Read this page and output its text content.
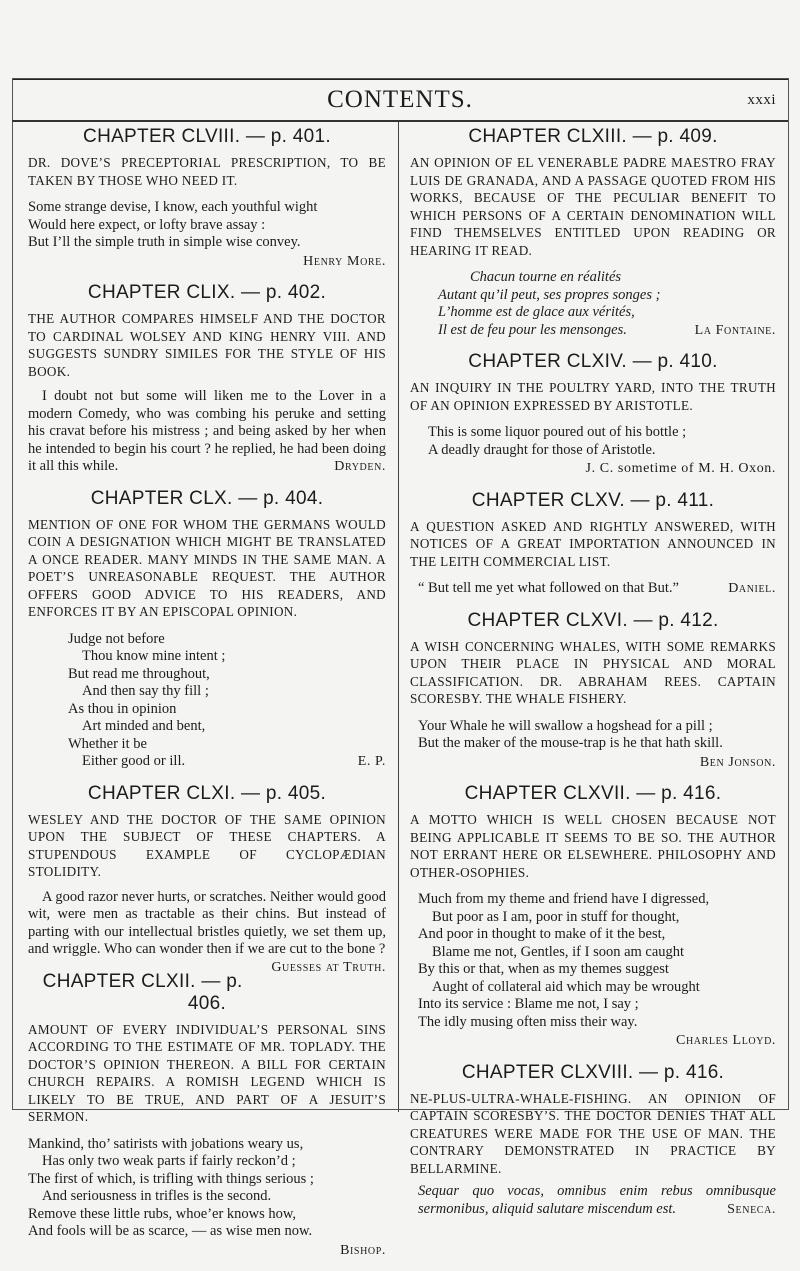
CONTENTS.	xxxi
CHAPTER CLVIII. — p. 401.
DR. DOVE’S PRECEPTORIAL PRESCRIPTION, TO BE TAKEN BY THOSE WHO NEED IT.
Some strange devise, I know, each youthful wight
Would here expect, or lofty brave assay :
But I’ll the simple truth in simple wise convey.
Henry More.
CHAPTER CLIX. — p. 402.
THE AUTHOR COMPARES HIMSELF AND THE DOCTOR TO CARDINAL WOLSEY AND KING HENRY VIII. AND SUGGESTS SUNDRY SIMILES FOR THE STYLE OF HIS BOOK.
I doubt not but some will liken me to the Lover in a modern Comedy, who was combing his peruke and setting his cravat before his mistress ; and being asked by her when he intended to begin his court ? he replied, he had been doing it all this while.	Dryden.
CHAPTER CLX. — p. 404.
MENTION OF ONE FOR WHOM THE GERMANS WOULD COIN A DESIGNATION WHICH MIGHT BE TRANSLATED A ONCE READER. MANY MINDS IN THE SAME MAN. A POET’S UNREASONABLE REQUEST. THE AUTHOR OFFERS GOOD ADVICE TO HIS READERS, AND ENFORCES IT BY AN EPISCOPAL OPINION.
Judge not before
Thou know mine intent ;
But read me throughout,
And then say thy fill ;
As thou in opinion
Art minded and bent,
Whether it be
Either good or ill.	E. P.
CHAPTER CLXI. — p. 405.
WESLEY AND THE DOCTOR OF THE SAME OPINION UPON THE SUBJECT OF THESE CHAPTERS. A STUPENDOUS EXAMPLE OF CYCLOPÆDIAN STOLIDITY.
A good razor never hurts, or scratches. Neither would good wit, were men as tractable as their chins. But instead of parting with our intellectual bristles quietly, we set them up, and wriggle. Who can wonder then if we are cut to the bone ?
Guesses at Truth.
CHAPTER CLXII. — p. 406.
AMOUNT OF EVERY INDIVIDUAL’S PERSONAL SINS ACCORDING TO THE ESTIMATE OF MR. TOPLADY. THE DOCTOR’S OPINION THEREON. A BILL FOR CERTAIN CHURCH REPAIRS. A ROMISH LEGEND WHICH IS LIKELY TO BE TRUE, AND PART OF A JESUIT’S SERMON.
Mankind, tho’ satirists with jobations weary us,
Has only two weak parts if fairly reckon’d ;
The first of which, is trifling with things serious ;
And seriousness in trifles is the second.
Remove these little rubs, whoe’er knows how,
And fools will be as scarce, — as wise men now.
Bishop.
CHAPTER CLXIII. — p. 409.
AN OPINION OF EL VENERABLE PADRE MAESTRO FRAY LUIS DE GRANADA, AND A PASSAGE QUOTED FROM HIS WORKS, BECAUSE OF THE PECULIAR BENEFIT TO WHICH PERSONS OF A CERTAIN DENOMINATION WILL FIND THEMSELVES ENTITLED UPON READING OR HEARING IT READ.
Chacun tourne en réalités
Autant qu’il peut, ses propres songes ;
L’homme est de glace aux vérités,
Il est de feu pour les mensonges.	La Fontaine.
CHAPTER CLXIV. — p. 410.
AN INQUIRY IN THE POULTRY YARD, INTO THE TRUTH OF AN OPINION EXPRESSED BY ARISTOTLE.
This is some liquor poured out of his bottle ;
A deadly draught for those of Aristotle.
J. C. sometime of M. H. Oxon.
CHAPTER CLXV. — p. 411.
A QUESTION ASKED AND RIGHTLY ANSWERED, WITH NOTICES OF A GREAT IMPORTATION ANNOUNCED IN THE LEITH COMMERCIAL LIST.
“ But tell me yet what followed on that But.”	Daniel.
CHAPTER CLXVI. — p. 412.
A WISH CONCERNING WHALES, WITH SOME REMARKS UPON THEIR PLACE IN PHYSICAL AND MORAL CLASSIFICATION. DR. ABRAHAM REES. CAPTAIN SCORESBY. THE WHALE FISHERY.
Your Whale he will swallow a hogshead for a pill ;
But the maker of the mouse-trap is he that hath skill.
Ben Jonson.
CHAPTER CLXVII. — p. 416.
A MOTTO WHICH IS WELL CHOSEN BECAUSE NOT BEING APPLICABLE IT SEEMS TO BE SO. THE AUTHOR NOT ERRANT HERE OR ELSEWHERE. PHILOSOPHY AND OTHER-OSOPHIES.
Much from my theme and friend have I digressed,
But poor as I am, poor in stuff for thought,
And poor in thought to make of it the best,
Blame me not, Gentles, if I soon am caught
By this or that, when as my themes suggest
Aught of collateral aid which may be wrought
Into its service : Blame me not, I say ;
The idly musing often miss their way.
Charles Lloyd.
CHAPTER CLXVIII. — p. 416.
NE-PLUS-ULTRA-WHALE-FISHING. AN OPINION OF CAPTAIN SCORESBY’S. THE DOCTOR DENIES THAT ALL CREATURES WERE MADE FOR THE USE OF MAN. THE CONTRARY DEMONSTRATED IN PRACTICE BY BELLARMINE.
Sequar quo vocas, omnibus enim rebus omnibusque sermonibus, aliquid salutare miscendum est.	Seneca.
